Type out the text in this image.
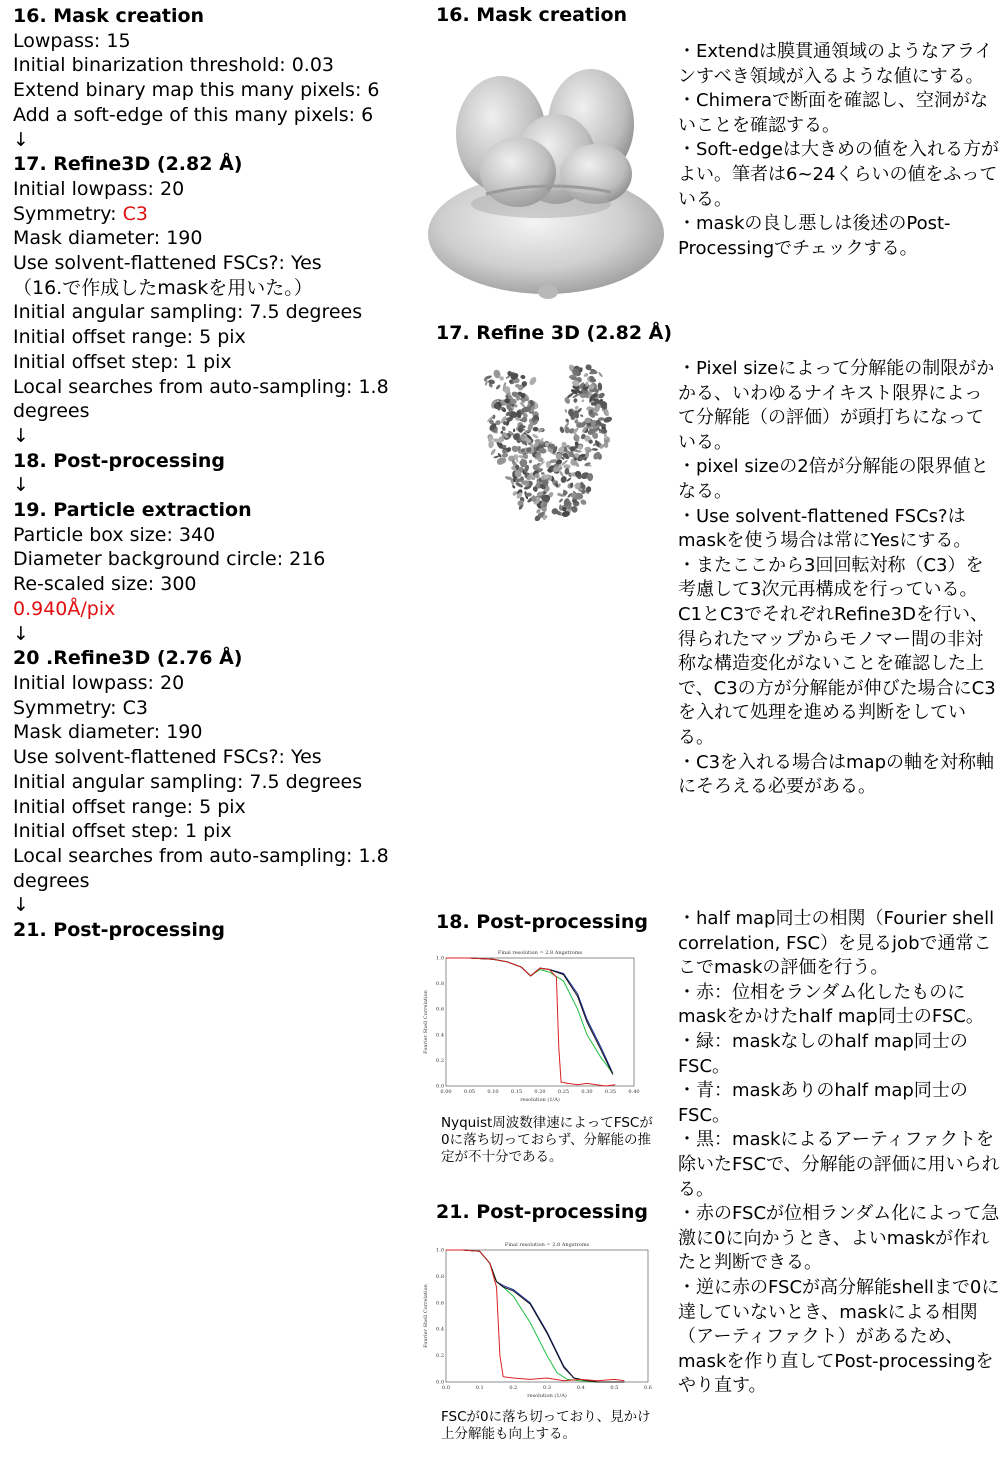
16. Mask creation
Lowpass: 15
Initial binarization threshold: 0.03
Extend binary map this many pixels: 6
Add a soft-edge of this many pixels: 6
↓
17. Refine3D (2.82 Å)
Initial lowpass: 20
Symmetry: C3
Mask diameter: 190
Use solvent-flattened FSCs?: Yes
（16.で作成したmaskを用いた。）
Initial angular sampling: 7.5 degrees
Initial offset range: 5 pix
Initial offset step: 1 pix
Local searches from auto-sampling: 1.8 degrees
↓
18. Post-processing
↓
19. Particle extraction
Particle box size: 340
Diameter background circle: 216
Re-scaled size: 300
0.940Å/pix
↓
20 .Refine3D (2.76 Å)
Initial lowpass: 20
Symmetry: C3
Mask diameter: 190
Use solvent-flattened FSCs?: Yes
Initial angular sampling: 7.5 degrees
Initial offset range: 5 pix
Initial offset step: 1 pix
Local searches from auto-sampling: 1.8 degrees
↓
21. Post-processing
16. Mask creation

・Extendは膜貫通領域のようなアラインすべき領域が入るような値にする。

・Chimeraで断面を確認し、空洞がないことを確認する。

・Soft-edgeは大きめの値を入れる方がよい。筆者は6~24くらいの値をふっている。

・maskの良し悪しは後述のPost-Processingでチェックする。

17. Refine 3D (2.82 Å)

・Pixel sizeによって分解能の制限がかかる、いわゆるナイキスト限界によって分解能（の評価）が頭打ちになっている。

・pixel sizeの2倍が分解能の限界値となる。

・Use solvent-flattened FSCs?はmaskを使う場合は常にYesにする。

・またここから3回回転対称（C3）を考慮して3次元再構成を行っている。C1とC3でそれぞれRefine3Dを行い、得られたマップからモノマー間の非対称な構造変化がないことを確認した上で、C3の方が分解能が伸びた場合にC3を入れて処理を進める判断をしている。

・C3を入れる場合はmapの軸を対称軸にそろえる必要がある。

18. Post-processing
Final resolution = 2.8 Angstroms
resolution (1/A)
Fourier Shell Correlation
0.00 0.05 0.10 0.15 0.20 0.25 0.30 0.35 0.40
0.0
0.2
0.4
0.6
0.8
1.0
Nyquist周波数律速によってFSCが0に落ち切っておらず、分解能の推定が不十分である。
21. Post-processing
Final resolution = 2.8 Angstroms
resolution (1/A)
Fourier Shell Correlation
0.0	0.1	0.2	0.3	0.4	0.5	0.6
0.0
0.2
0.4
0.6
0.8
1.0
FSCが0に落ち切っており、見かけ上分解能も向上する。

・half map同士の相関（Fourier shell correlation, FSC）を見るjobで通常ここでmaskの評価を行う。

・赤：位相をランダム化したものにmaskをかけたhalf map同士のFSC。

・緑：maskなしのhalf map同士のFSC。

・青：maskありのhalf map同士のFSC。

・黒：maskによるアーティファクトを除いたFSCで、分解能の評価に用いられる。

・赤のFSCが位相ランダム化によって急激に0に向かうとき、よいmaskが作れたと判断できる。

・逆に赤のFSCが高分解能shellまで0に達していないとき、maskによる相関（アーティファクト）があるため、maskを作り直してPost-processingをやり直す。
